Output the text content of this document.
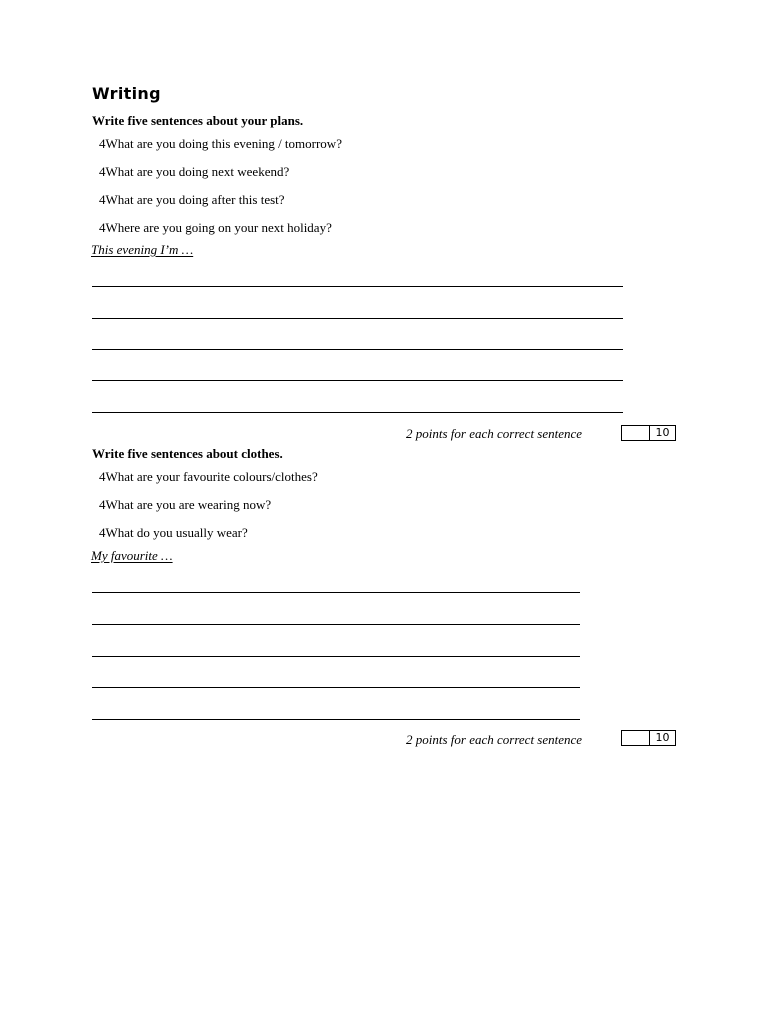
Writing
Write five sentences about your plans.
4What are you doing this evening / tomorrow?
4What are you doing next weekend?
4What are you doing after this test?
4Where are you going on your next holiday?
This evening I’m …
2 points for each correct sentence	10
Write five sentences about clothes.
4What are your favourite colours/clothes?
4What are you are wearing now?
4What do you usually wear?
My favourite …
2 points for each correct sentence	10
